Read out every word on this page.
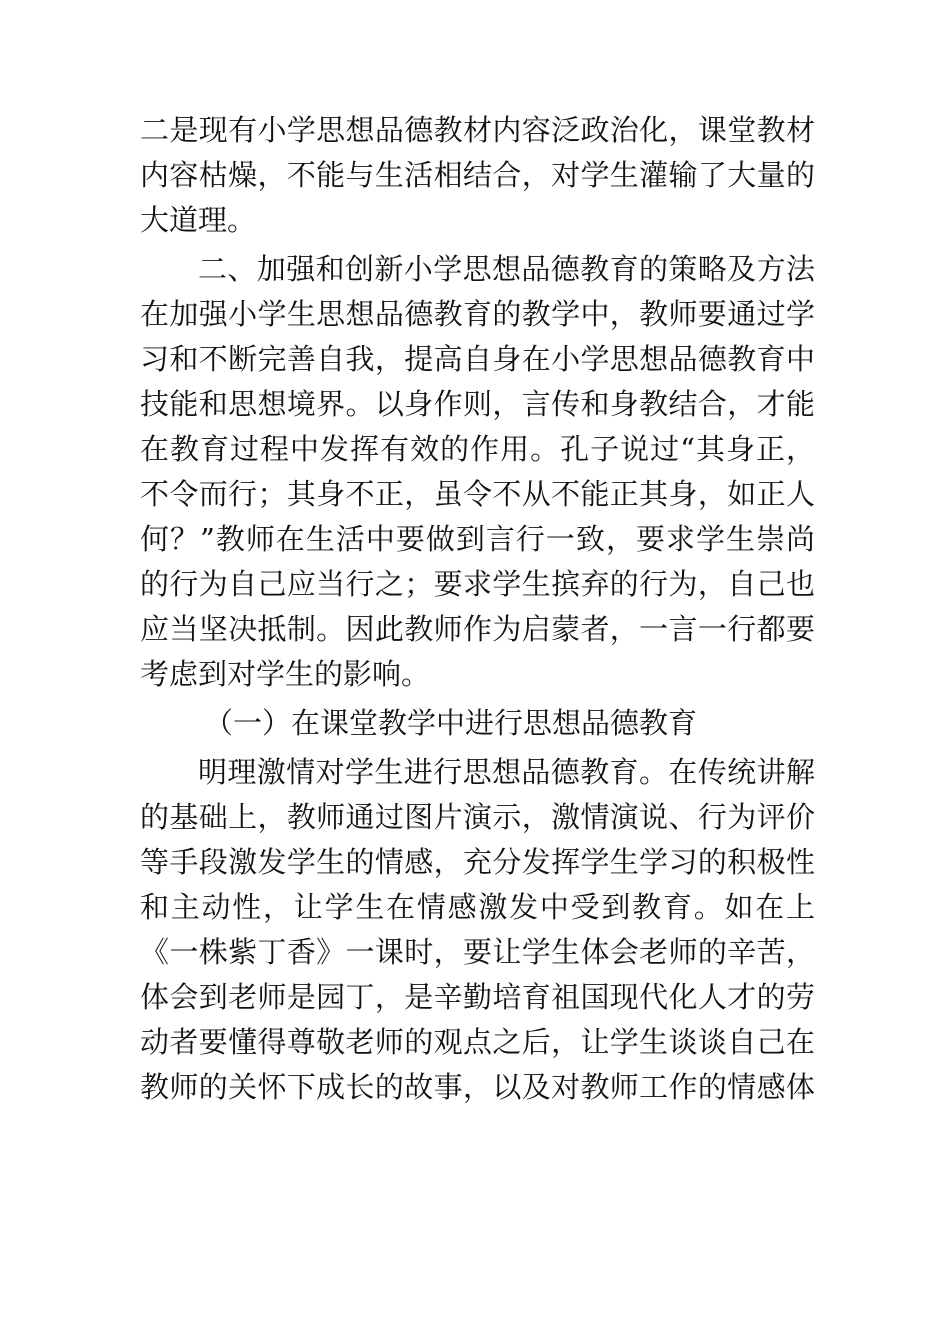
二是现有小学思想品德教材内容泛政治化，课堂教材
内容枯燥，不能与生活相结合，对学生灌输了大量的
大道理。
二、加强和创新小学思想品德教育的策略及方法
在加强小学生思想品德教育的教学中，教师要通过学
习和不断完善自我，提高自身在小学思想品德教育中
技能和思想境界。以身作则，言传和身教结合，才能
在教育过程中发挥有效的作用。孔子说过“其身正，
不令而行；其身不正，虽令不从不能正其身，如正人
何？”教师在生活中要做到言行一致，要求学生崇尚
的行为自己应当行之；要求学生摈弃的行为，自己也
应当坚决抵制。因此教师作为启蒙者，一言一行都要
考虑到对学生的影响。
（一）在课堂教学中进行思想品德教育
明理激情对学生进行思想品德教育。在传统讲解
的基础上，教师通过图片演示，激情演说、行为评价
等手段激发学生的情感，充分发挥学生学习的积极性
和主动性，让学生在情感激发中受到教育。如在上
《一株紫丁香》一课时，要让学生体会老师的辛苦，
体会到老师是园丁，是辛勤培育祖国现代化人才的劳
动者要懂得尊敬老师的观点之后，让学生谈谈自己在
教师的关怀下成长的故事，以及对教师工作的情感体
